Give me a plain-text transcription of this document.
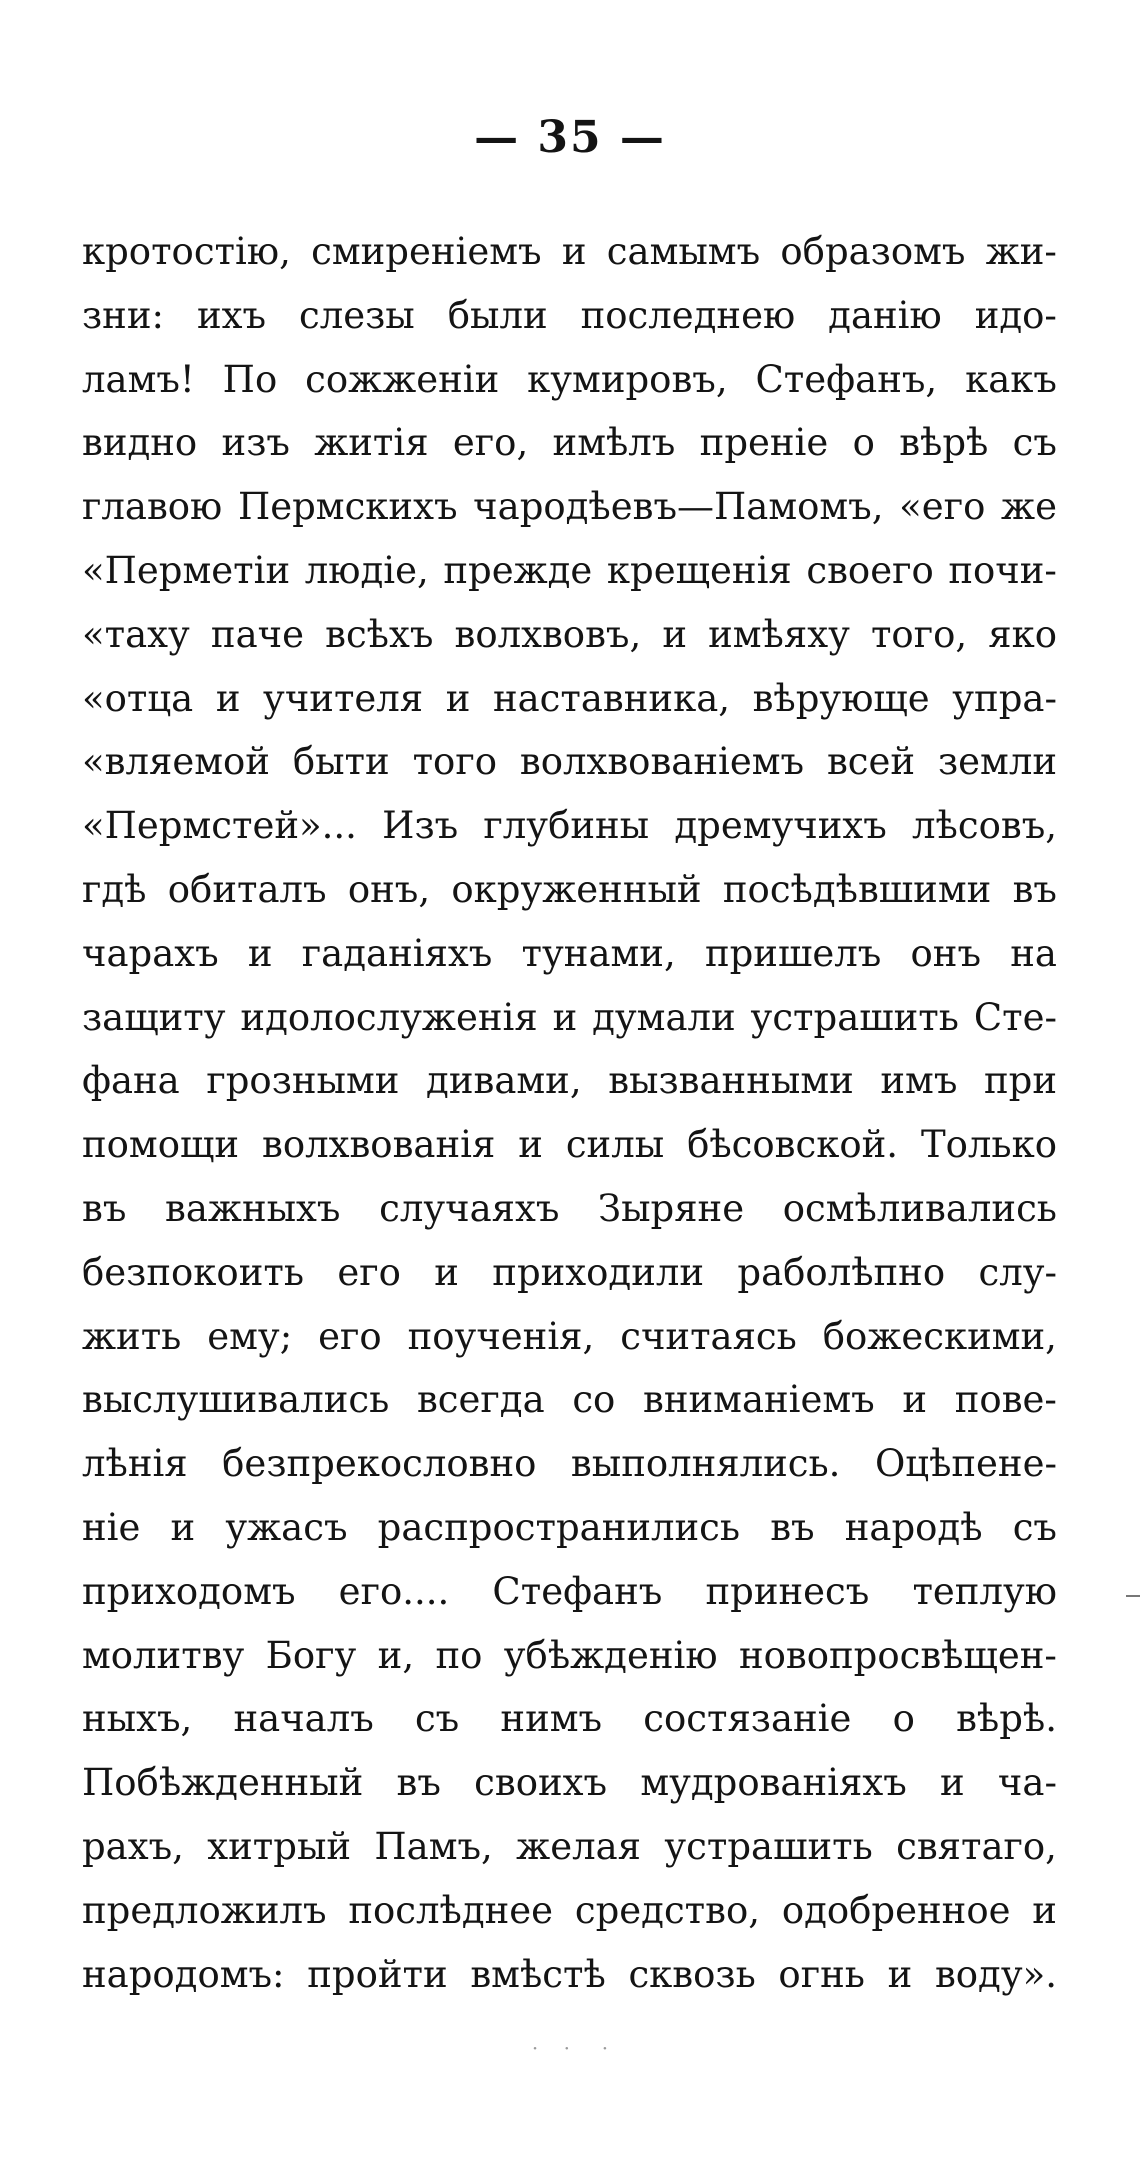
— 35 —
кротостію, смиреніемъ и самымъ образомъ жи-
зни: ихъ слезы были последнею данію идо-
ламъ! По сожженіи кумировъ, Стефанъ, какъ
видно изъ житія его, имѣлъ преніе о вѣрѣ съ
главою Пермскихъ чародѣевъ—Памомъ, «его же
«Перметіи людіе, прежде крещенія своего почи-
«таху паче всѣхъ волхвовъ, и имѣяху того, яко
«отца и учителя и наставника, вѣрующе упра-
«вляемой быти того волхвованіемъ всей земли
«Пермстей»... Изъ глубины дремучихъ лѣсовъ,
гдѣ обиталъ онъ, окруженный посѣдѣвшими въ
чарахъ и гаданіяхъ тунами, пришелъ онъ на
защиту идолослуженія и думали устрашить Сте-
фана грозными дивами, вызванными имъ при
помощи волхвованія и силы бѣсовской. Только
въ важныхъ случаяхъ Зыряне осмѣливались
безпокоить его и приходили раболѣпно слу-
жить ему; его поученія, считаясь божескими,
выслушивались всегда со вниманіемъ и пове-
лѣнія безпрекословно выполнялись. Оцѣпене-
ніе и ужасъ распространились въ народѣ съ
приходомъ его.... Стефанъ принесъ теплую
молитву Богу и, по убѣжденію новопросвѣщен-
ныхъ, началъ съ нимъ состязаніе о вѣрѣ.
Побѣжденный въ своихъ мудрованіяхъ и ча-
рахъ, хитрый Памъ, желая устрашить святаго,
предложилъ послѣднее средство, одобренное и
народомъ: пройти вмѣстѣ сквозь огнь и воду».
·    ·     ·
